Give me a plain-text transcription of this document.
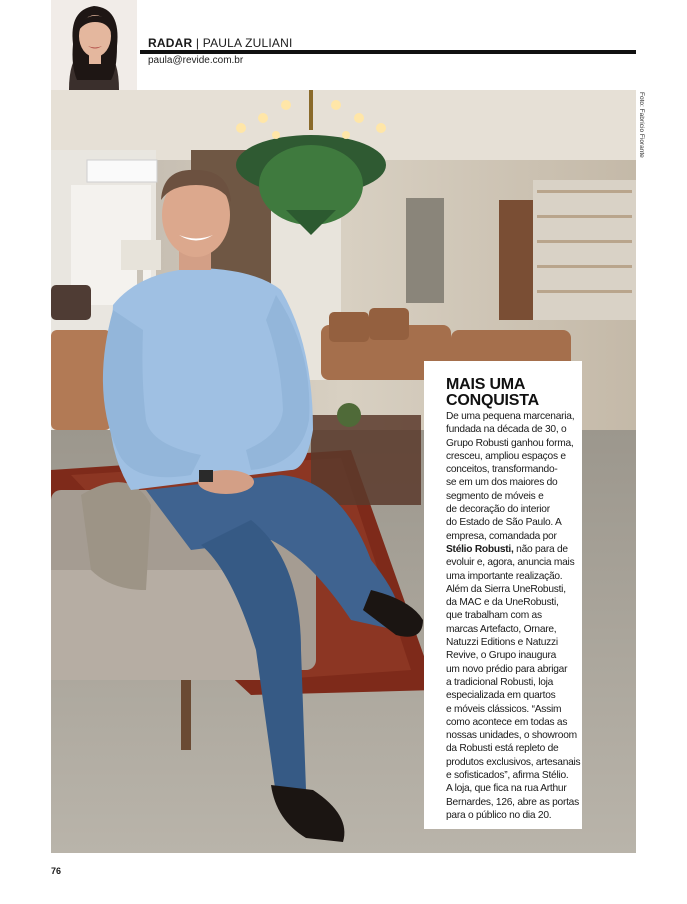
RADAR | PAULA ZULIANI
paula@revide.com.br
Foto: Fabrício Fiorante
MAIS UMA
CONQUISTA
De uma pequena marcenaria,
fundada na década de 30, o
Grupo Robusti ganhou forma,
cresceu, ampliou espaços e
conceitos, transformando-
se em um dos maiores do
segmento de móveis e
de decoração do interior
do Estado de São Paulo. A
empresa, comandada por
Stélio Robusti, não para de
evoluir e, agora, anuncia mais
uma importante realização.
Além da Sierra UneRobusti,
da MAC e da UneRobusti,
que trabalham com as
marcas Artefacto, Ornare,
Natuzzi Editions e Natuzzi
Revive, o Grupo inaugura
um novo prédio para abrigar
a tradicional Robusti, loja
especializada em quartos
e móveis clássicos. “Assim
como acontece em todas as
nossas unidades, o showroom
da Robusti está repleto de
produtos exclusivos, artesanais
e sofisticados”, afirma Stélio.
A loja, que fica na rua Arthur
Bernardes, 126, abre as portas
para o público no dia 20.
76
